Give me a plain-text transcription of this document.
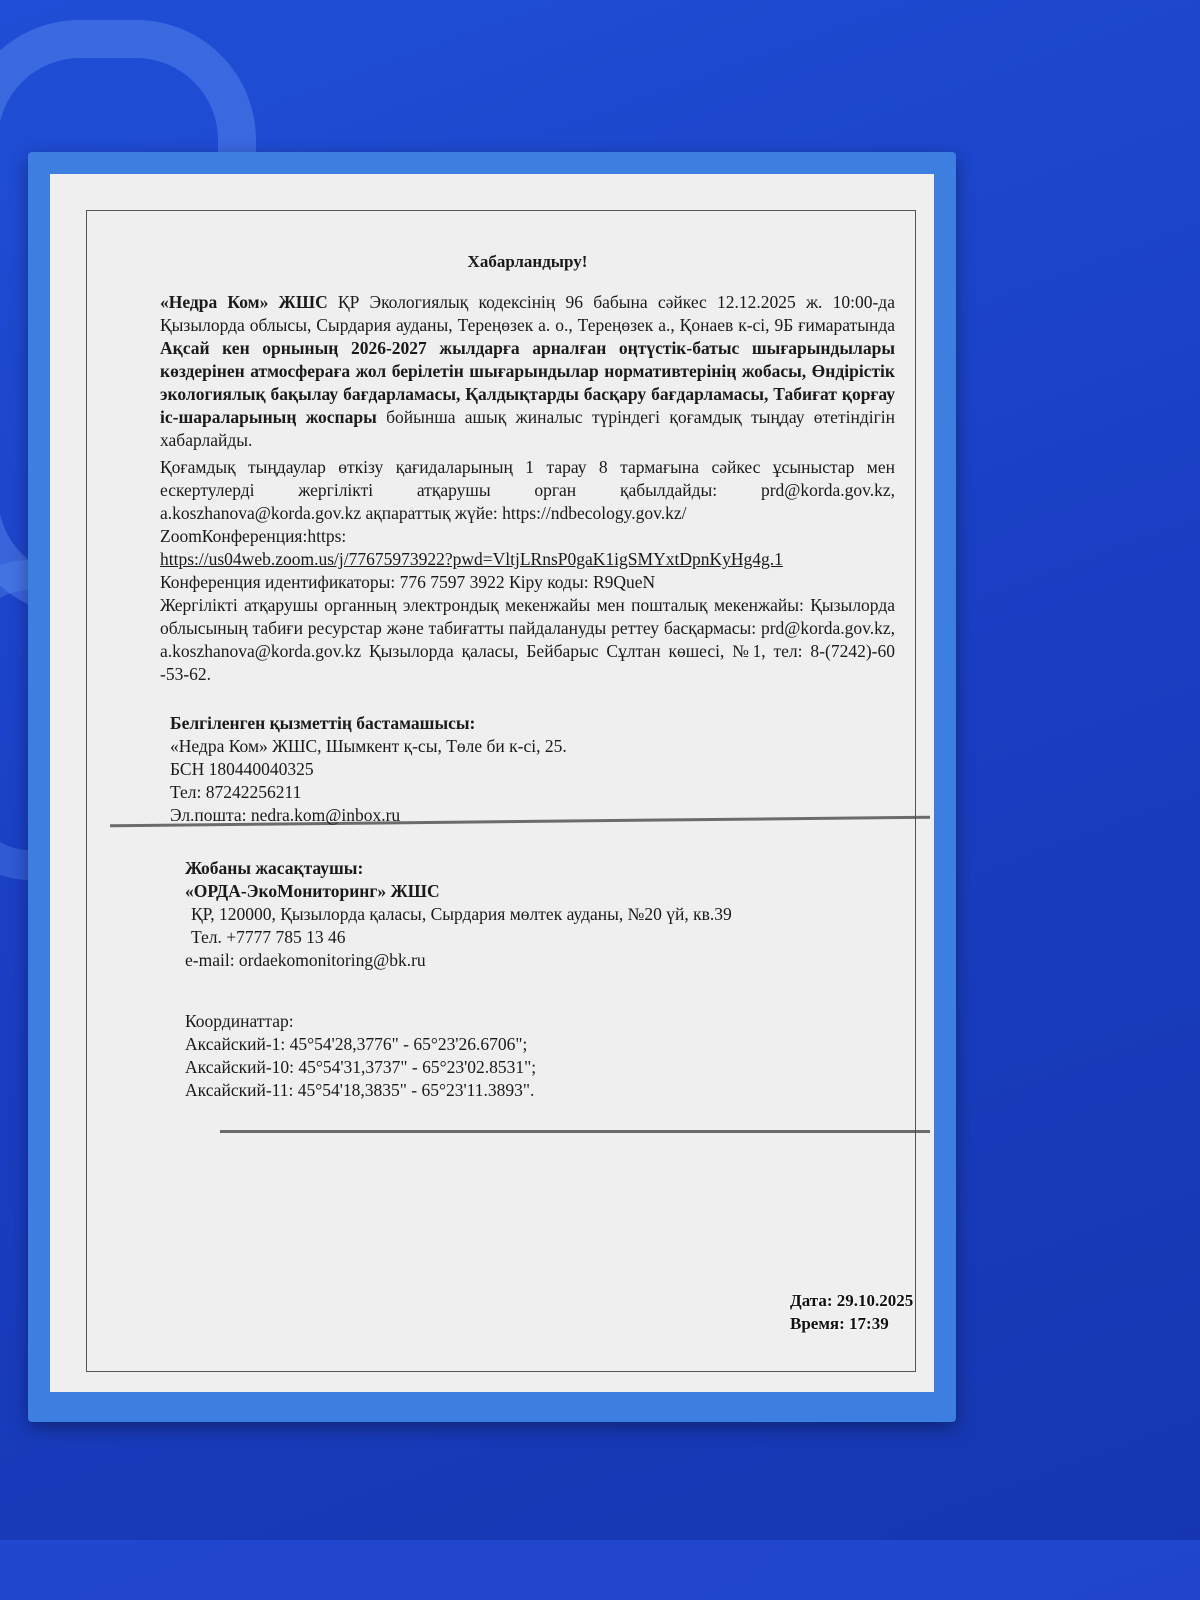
Хабарландыру!
«Недра Ком» ЖШС ҚР Экологиялық кодексінің 96 бабына сәйкес 12.12.2025 ж. 10:00-да Қызылорда облысы, Сырдария ауданы, Тереңөзек а. о., Тереңөзек а., Қонаев к-сі, 9Б ғимаратында Ақсай кен орнының 2026-2027 жылдарға арналған оңтүстік-батыс шығарындылары көздерінен атмосфераға жол берілетін шығарындылар нормативтерінің жобасы, Өндірістік экологиялық бақылау бағдарламасы, Қалдықтарды басқару бағдарламасы, Табиғат қорғау іс-шараларының жоспары бойынша ашық жиналыс түріндегі қоғамдық тыңдау өтетіндігін хабарлайды.
Қоғамдық тыңдаулар өткізу қағидаларының 1 тарау 8 тармағына сәйкес ұсыныстар мен ескертулерді жергілікті атқарушы орган қабылдайды: prd@korda.gov.kz, a.koszhanova@korda.gov.kz ақпараттық жүйе: https://ndbecology.gov.kz/
ZoomКонференция:https:
https://us04web.zoom.us/j/77675973922?pwd=VltjLRnsP0gaK1igSMYxtDpnKyHg4g.1
Конференция идентификаторы: 776 7597 3922 Кіру коды: R9QueN
Жергілікті атқарушы органның электрондық мекенжайы мен пошталық мекенжайы: Қызылорда облысының табиғи ресурстар және табиғатты пайдалануды реттеу басқармасы: prd@korda.gov.kz, a.koszhanova@korda.gov.kz Қызылорда қаласы, Бейбарыс Сұлтан көшесі, №1, тел: 8-(7242)-60 -53-62.
Белгіленген қызметтің бастамашысы:
«Недра Ком» ЖШС, Шымкент қ-сы, Төле би к-сі, 25.
БСН 180440040325
Тел: 87242256211
Эл.пошта: nedra.kom@inbox.ru
Жобаны жасақтаушы:
«ОРДА-ЭкоМониторинг» ЖШС
ҚР, 120000, Қызылорда қаласы, Сырдария мөлтек ауданы, №20 үй, кв.39
Тел. +7777 785 13 46
e-mail: ordaekomonitoring@bk.ru
Координаттар:
Аксайский-1: 45°54'28,3776" - 65°23'26.6706";
Аксайский-10: 45°54'31,3737" - 65°23'02.8531";
Аксайский-11: 45°54'18,3835" - 65°23'11.3893".
Дата: 29.10.2025
Время: 17:39
